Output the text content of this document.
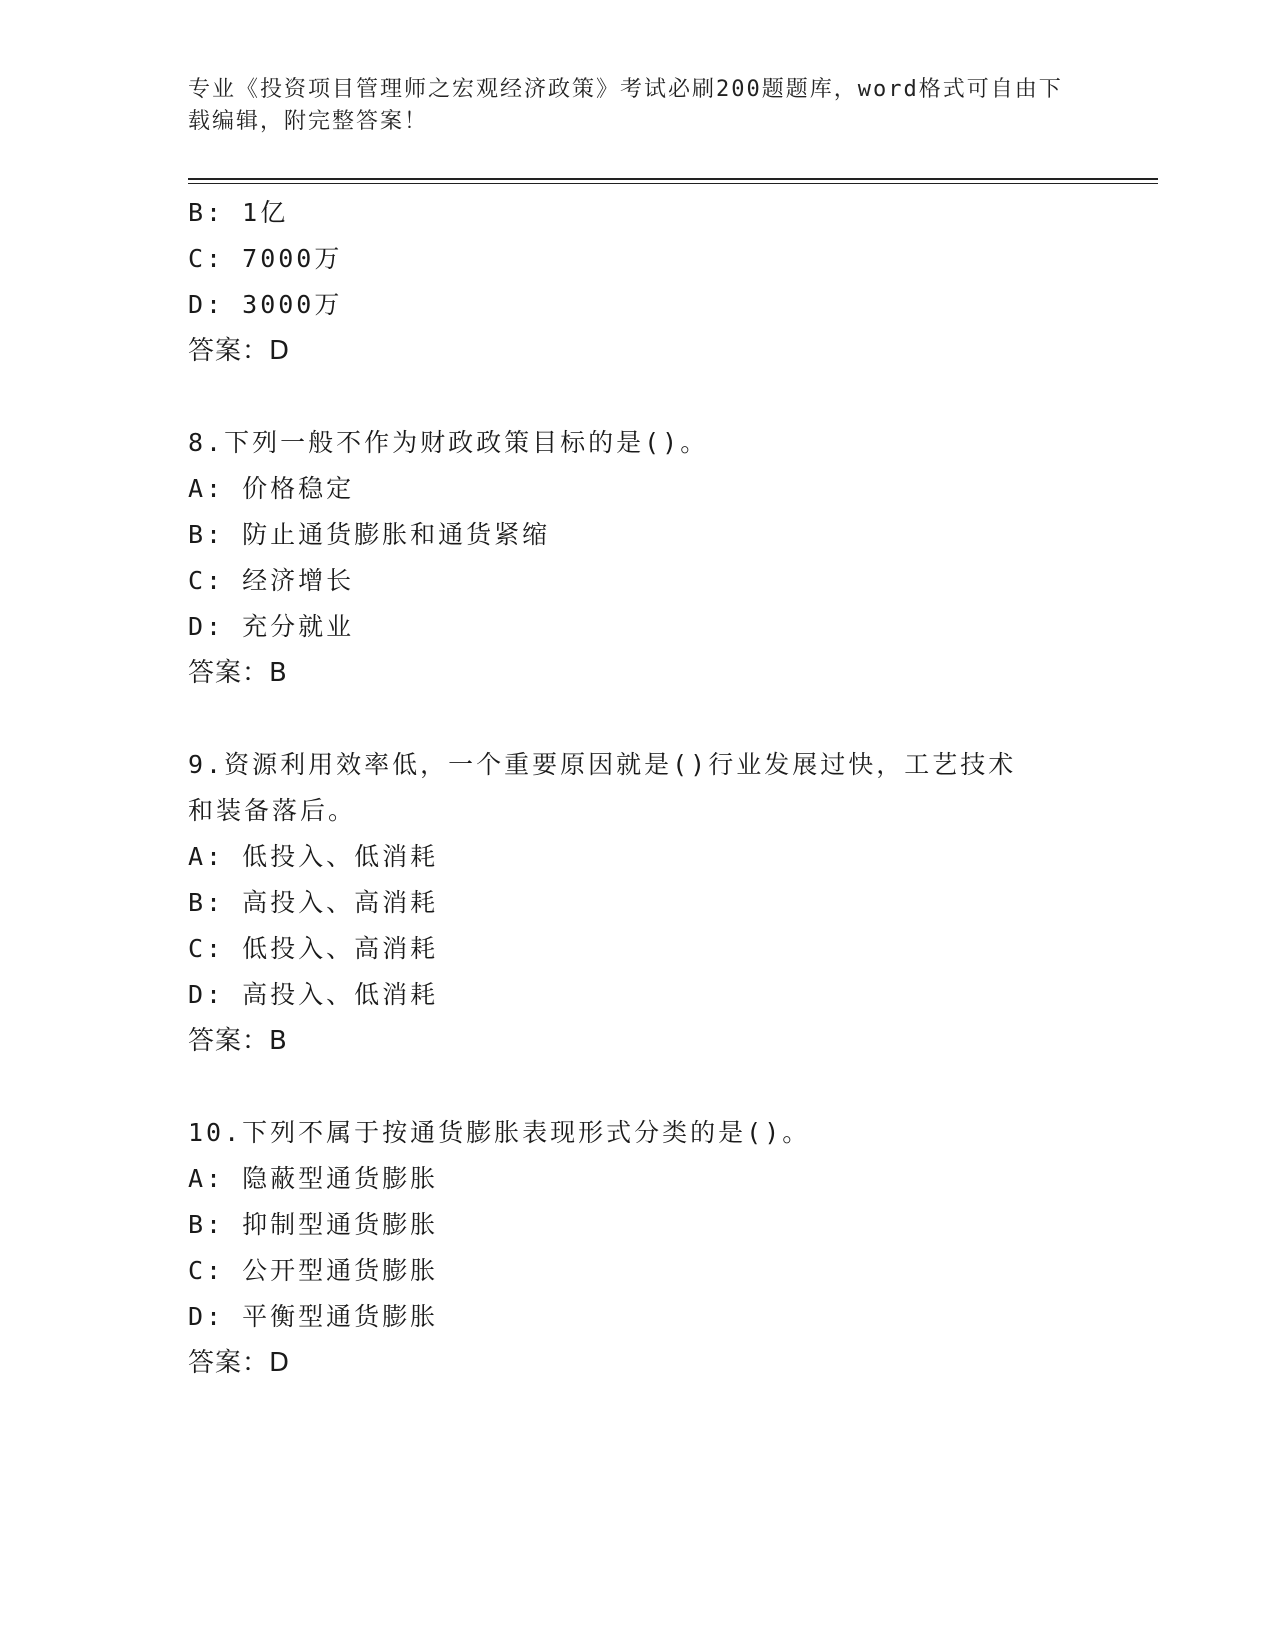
专业《投资项目管理师之宏观经济政策》考试必刷200题题库，word格式可自由下载编辑，附完整答案！
B: 1亿
C: 7000万
D: 3000万
答案：D
8.下列一般不作为财政政策目标的是()。
A: 价格稳定
B: 防止通货膨胀和通货紧缩
C: 经济增长
D: 充分就业
答案：B
9.资源利用效率低，一个重要原因就是()行业发展过快，工艺技术和装备落后。
A: 低投入、低消耗
B: 高投入、高消耗
C: 低投入、高消耗
D: 高投入、低消耗
答案：B
10.下列不属于按通货膨胀表现形式分类的是()。
A: 隐蔽型通货膨胀
B: 抑制型通货膨胀
C: 公开型通货膨胀
D: 平衡型通货膨胀
答案：D
